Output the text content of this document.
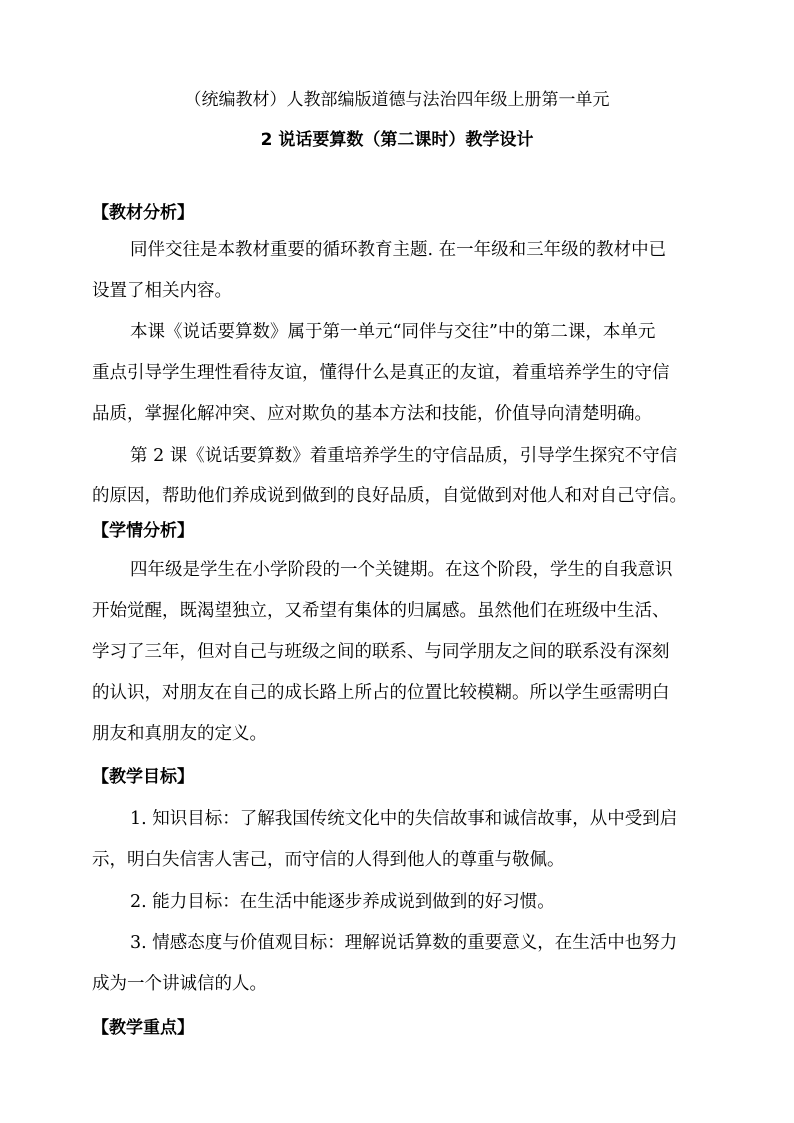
（统编教材）人教部编版道德与法治四年级上册第一单元
2 说话要算数（第二课时）教学设计
【教材分析】
同伴交往是本教材重要的循环教育主题. 在一年级和三年级的教材中已
设置了相关内容。
本课《说话要算数》属于第一单元“同伴与交往”中的第二课，本单元
重点引导学生理性看待友谊，懂得什么是真正的友谊，着重培养学生的守信
品质，掌握化解冲突、应对欺负的基本方法和技能，价值导向清楚明确。
第 2 课《说话要算数》着重培养学生的守信品质，引导学生探究不守信
的原因，帮助他们养成说到做到的良好品质，自觉做到对他人和对自己守信。
【学情分析】
四年级是学生在小学阶段的一个关键期。在这个阶段，学生的自我意识
开始觉醒，既渴望独立，又希望有集体的归属感。虽然他们在班级中生活、
学习了三年，但对自己与班级之间的联系、与同学朋友之间的联系没有深刻
的认识，对朋友在自己的成长路上所占的位置比较模糊。所以学生亟需明白
朋友和真朋友的定义。
【教学目标】
1. 知识目标：了解我国传统文化中的失信故事和诚信故事，从中受到启
示，明白失信害人害己，而守信的人得到他人的尊重与敬佩。
2. 能力目标：在生活中能逐步养成说到做到的好习惯。
3. 情感态度与价值观目标：理解说话算数的重要意义，在生活中也努力
成为一个讲诚信的人。
【教学重点】
